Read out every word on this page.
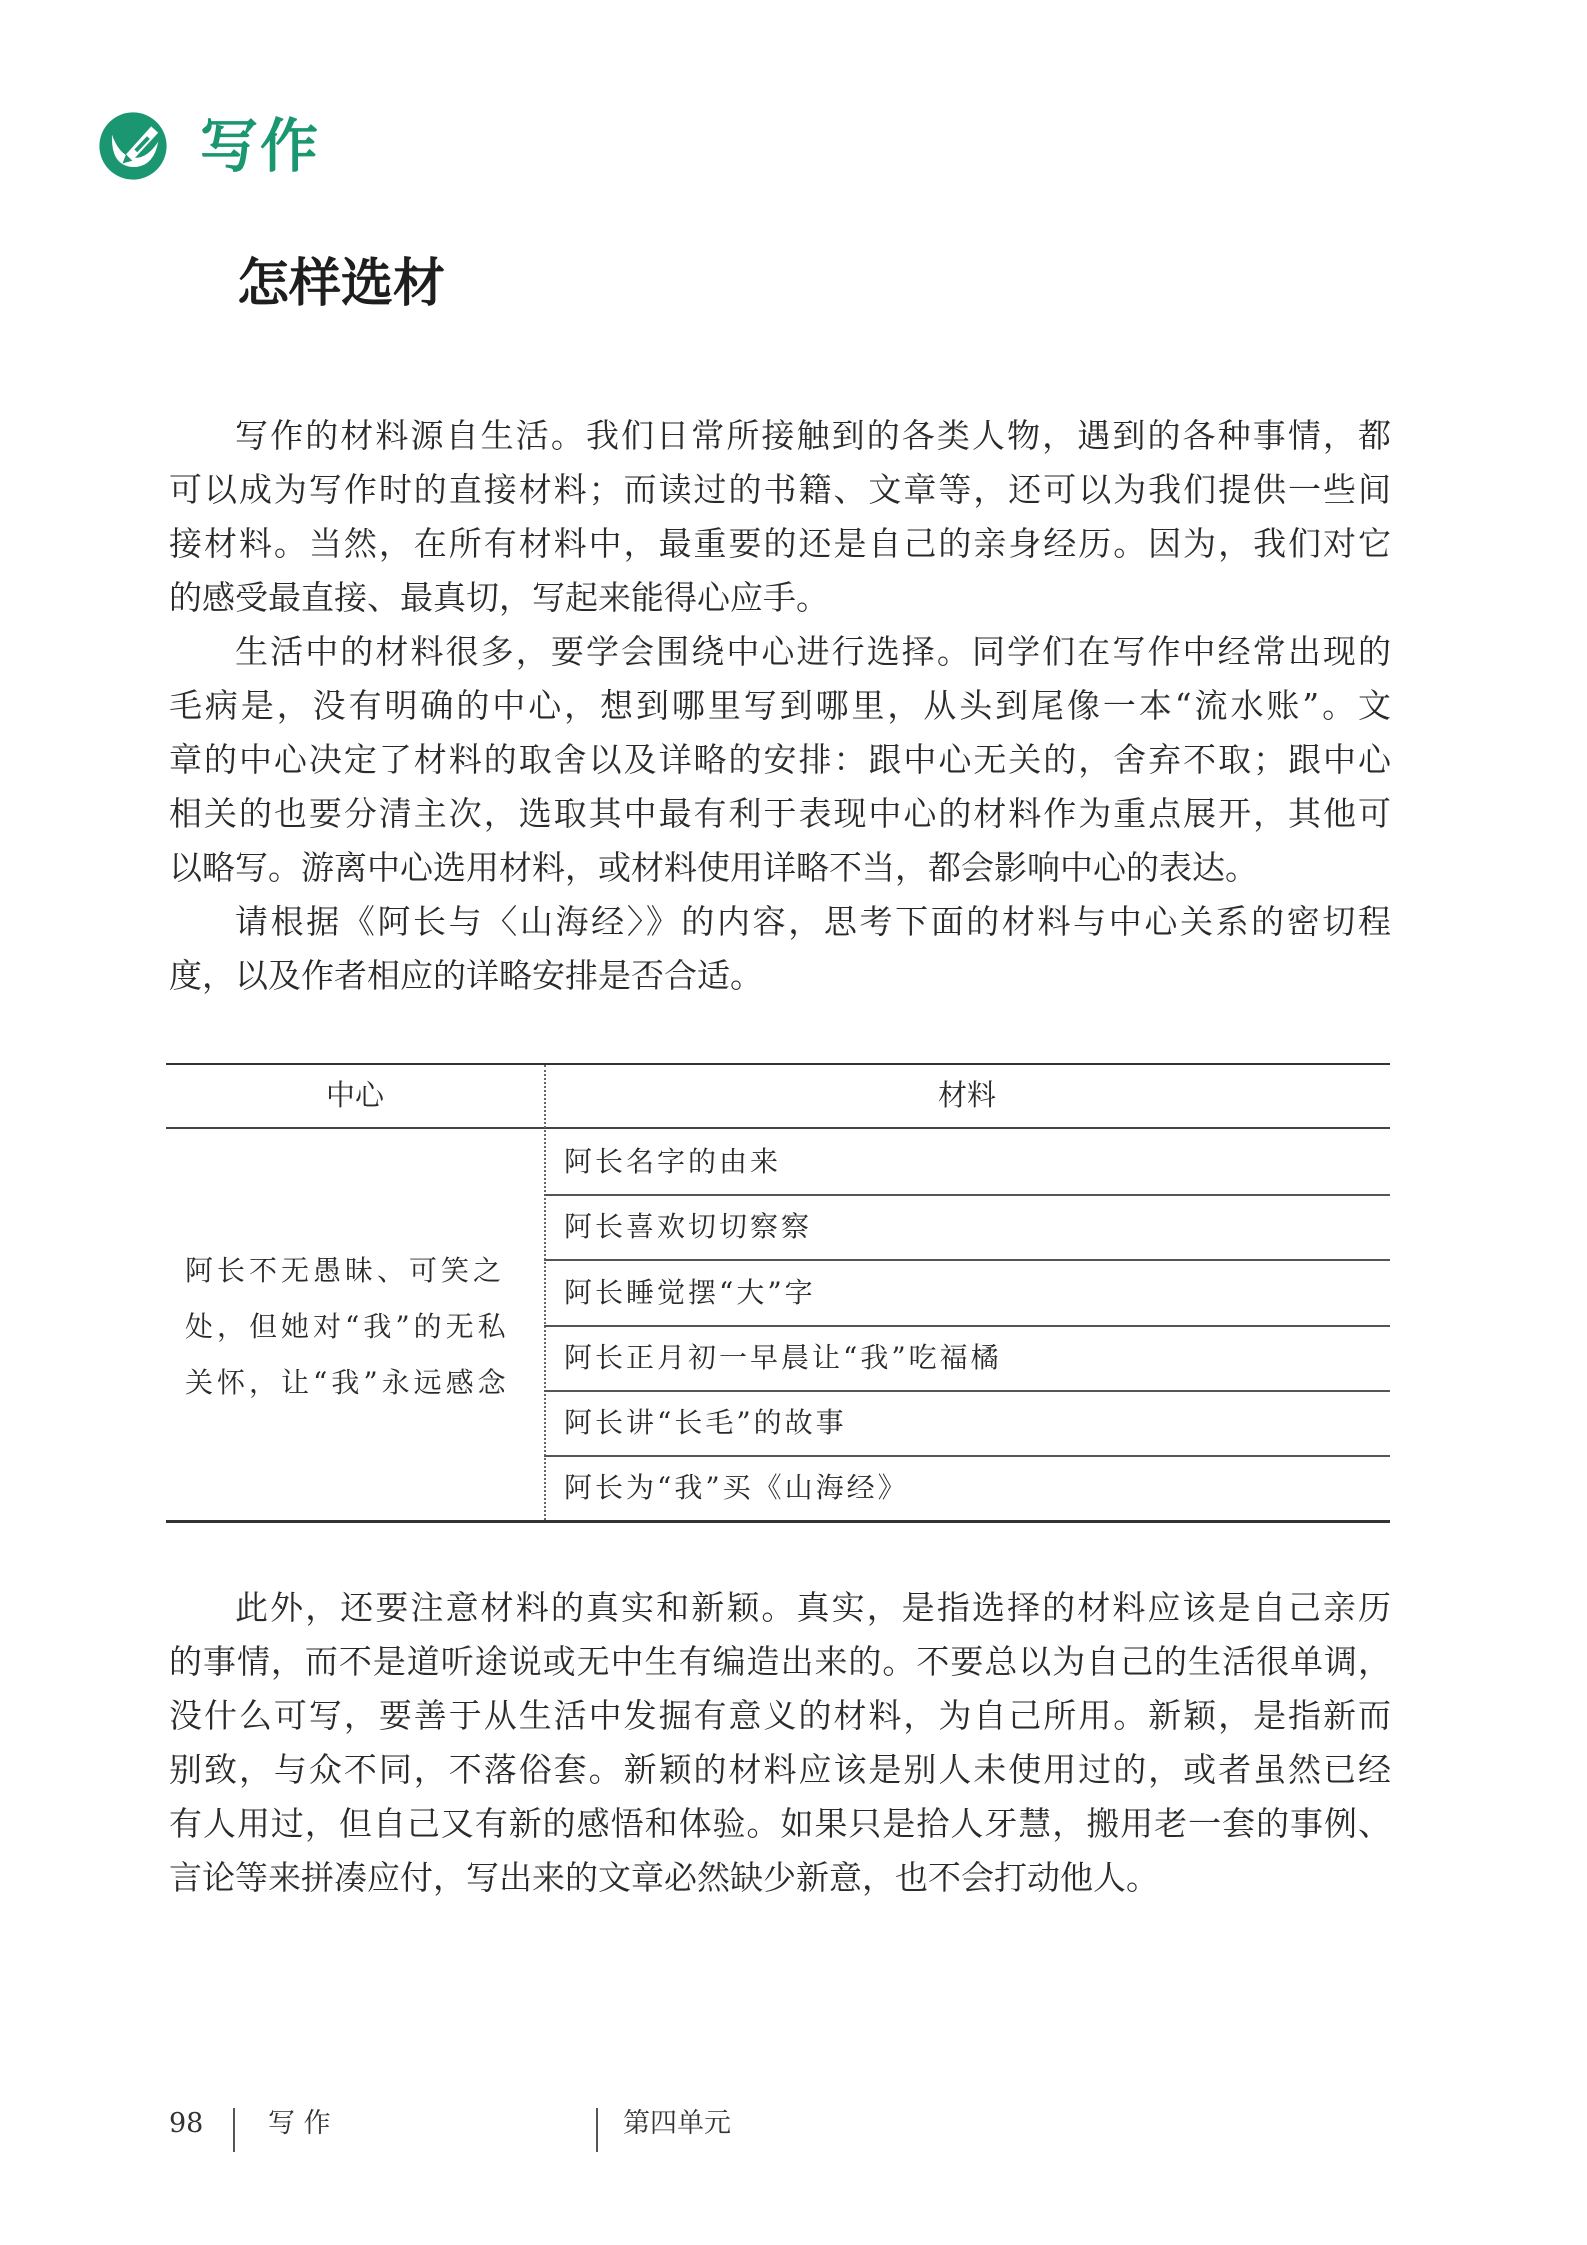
写作
怎样选材
写作的材料源自生活。我们日常所接触到的各类人物，遇到的各种事情，都
可以成为写作时的直接材料；而读过的书籍、文章等，还可以为我们提供一些间
接材料。当然，在所有材料中，最重要的还是自己的亲身经历。因为，我们对它
的感受最直接、最真切，写起来能得心应手。
生活中的材料很多，要学会围绕中心进行选择。同学们在写作中经常出现的
毛病是，没有明确的中心，想到哪里写到哪里，从头到尾像一本“流水账”。文
章的中心决定了材料的取舍以及详略的安排：跟中心无关的，舍弃不取；跟中心
相关的也要分清主次，选取其中最有利于表现中心的材料作为重点展开，其他可
以略写。游离中心选用材料，或材料使用详略不当，都会影响中心的表达。
请根据《阿长与〈山海经〉》的内容，思考下面的材料与中心关系的密切程
度，以及作者相应的详略安排是否合适。
中心	材料
阿长不无愚昧、可笑之
处，但她对“我”的无私
关怀，让“我”永远感念
阿长名字的由来
阿长喜欢切切察察
阿长睡觉摆“大”字
阿长正月初一早晨让“我”吃福橘
阿长讲“长毛”的故事
阿长为“我”买《山海经》
此外，还要注意材料的真实和新颖。真实，是指选择的材料应该是自己亲历
的事情，而不是道听途说或无中生有编造出来的。不要总以为自己的生活很单调，
没什么可写，要善于从生活中发掘有意义的材料，为自己所用。新颖，是指新而
别致，与众不同，不落俗套。新颖的材料应该是别人未使用过的，或者虽然已经
有人用过，但自己又有新的感悟和体验。如果只是拾人牙慧，搬用老一套的事例、
言论等来拼凑应付，写出来的文章必然缺少新意，也不会打动他人。
98 写 作	第四单元
